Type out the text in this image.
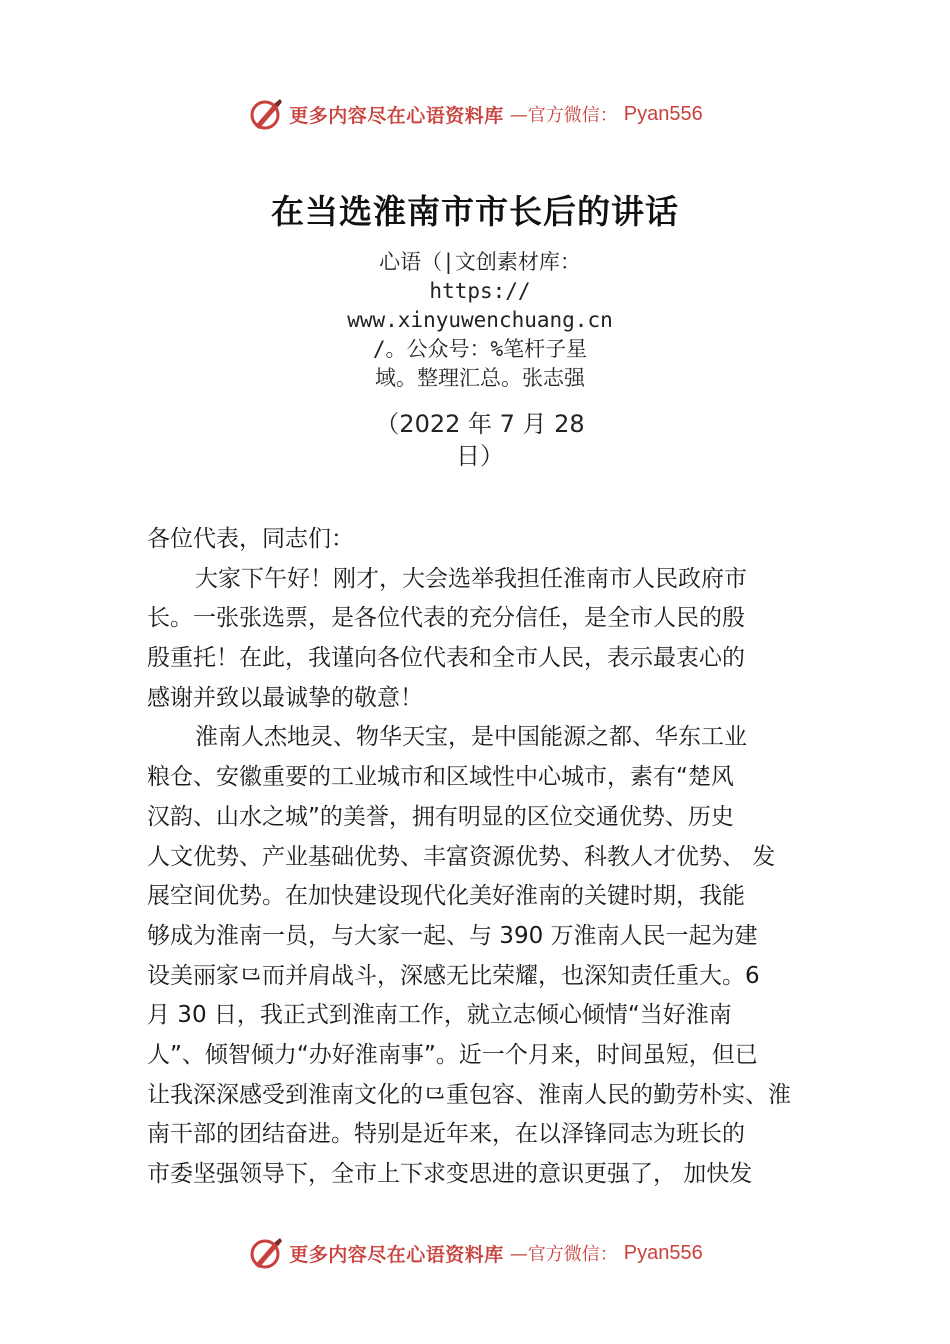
更多内容尽在心语资料库 —官方微信： Pyan556
在当选淮南市市长后的讲话
心语（|文创素材库：
https://
www.xinyuwenchuang.cn
/。公众号：%笔杆子星
域。整理汇总。张志强
（2022 年 7 月 28
日）
各位代表，同志们：
大家下午好！刚才，大会选举我担任淮南市人民政府市
长。一张张选票，是各位代表的充分信任，是全市人民的殷
殷重托！在此，我谨向各位代表和全市人民，表示最衷心的
感谢并致以最诚挚的敬意！
淮南人杰地灵、物华天宝，是中国能源之都、华东工业
粮仓、安徽重要的工业城市和区域性中心城市，素有“楚风
汉韵、山水之城”的美誉，拥有明显的区位交通优势、历史
人文优势、产业基础优势、丰富资源优势、科教人才优势、 发
展空间优势。在加快建设现代化美好淮南的关键时期，我能
够成为淮南一员，与大家一起、与 390 万淮南人民一起为建
设美丽家⺋而并肩战斗，深感无比荣耀，也深知责任重大。6
月 30 日，我正式到淮南工作，就立志倾心倾情“当好淮南
人”、倾智倾力“办好淮南事”。近一个月来，时间虽短，但已
让我深深感受到淮南文化的⺋重包容、淮南人民的勤劳朴实、淮
南干部的团结奋进。特别是近年来，在以泽锋同志为班长的
市委坚强领导下，全市上下求变思进的意识更强了， 加快发
更多内容尽在心语资料库 —官方微信： Pyan556
